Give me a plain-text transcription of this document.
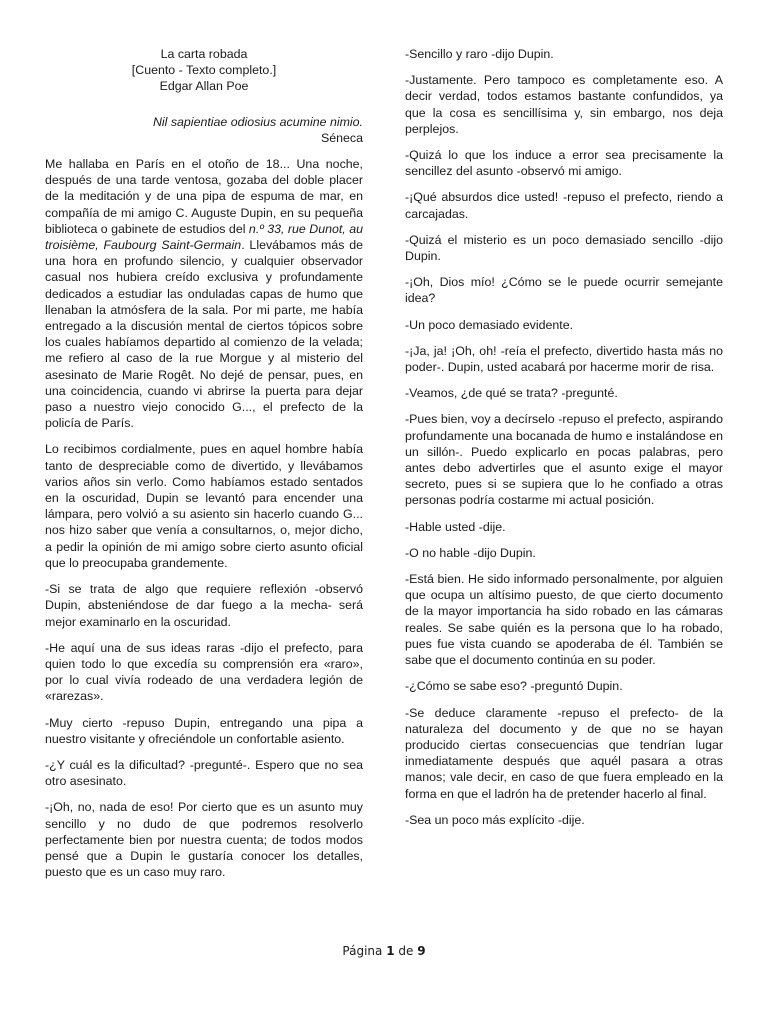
La carta robada
[Cuento - Texto completo.]
Edgar Allan Poe

Nil sapientiae odiosius acumine nimio.
Séneca

Me hallaba en París en el otoño de 18... Una noche, después de una tarde ventosa, gozaba del doble placer de la meditación y de una pipa de espuma de mar, en compañía de mi amigo C. Auguste Dupin, en su pequeña biblioteca o gabinete de estudios del n.º 33, rue Dunot, au troisième, Faubourg Saint-Germain. Llevábamos más de una hora en profundo silencio, y cualquier observador casual nos hubiera creído exclusiva y profundamente dedicados a estudiar las onduladas capas de humo que llenaban la atmósfera de la sala. Por mi parte, me había entregado a la discusión mental de ciertos tópicos sobre los cuales habíamos departido al comienzo de la velada; me refiero al caso de la rue Morgue y al misterio del asesinato de Marie Rogêt. No dejé de pensar, pues, en una coincidencia, cuando vi abrirse la puerta para dejar paso a nuestro viejo conocido G..., el prefecto de la policía de París.

Lo recibimos cordialmente, pues en aquel hombre había tanto de despreciable como de divertido, y llevábamos varios años sin verlo. Como habíamos estado sentados en la oscuridad, Dupin se levantó para encender una lámpara, pero volvió a su asiento sin hacerlo cuando G... nos hizo saber que venía a consultarnos, o, mejor dicho, a pedir la opinión de mi amigo sobre cierto asunto oficial que lo preocupaba grandemente.

-Si se trata de algo que requiere reflexión -observó Dupin, absteniéndose de dar fuego a la mecha- será mejor examinarlo en la oscuridad.

-He aquí una de sus ideas raras -dijo el prefecto, para quien todo lo que excedía su comprensión era «raro», por lo cual vivía rodeado de una verdadera legión de «rarezas».

-Muy cierto -repuso Dupin, entregando una pipa a nuestro visitante y ofreciéndole un confortable asiento.

-¿Y cuál es la dificultad? -pregunté-. Espero que no sea otro asesinato.

-¡Oh, no, nada de eso! Por cierto que es un asunto muy sencillo y no dudo de que podremos resolverlo perfectamente bien por nuestra cuenta; de todos modos pensé que a Dupin le gustaría conocer los detalles, puesto que es un caso muy raro.

-Sencillo y raro -dijo Dupin.

-Justamente. Pero tampoco es completamente eso. A decir verdad, todos estamos bastante confundidos, ya que la cosa es sencillísima y, sin embargo, nos deja perplejos.

-Quizá lo que los induce a error sea precisamente la sencillez del asunto -observó mi amigo.

-¡Qué absurdos dice usted! -repuso el prefecto, riendo a carcajadas.

-Quizá el misterio es un poco demasiado sencillo -dijo Dupin.

-¡Oh, Dios mío! ¿Cómo se le puede ocurrir semejante idea?

-Un poco demasiado evidente.

-¡Ja, ja! ¡Oh, oh! -reía el prefecto, divertido hasta más no poder-. Dupin, usted acabará por hacerme morir de risa.

-Veamos, ¿de qué se trata? -pregunté.

-Pues bien, voy a decírselo -repuso el prefecto, aspirando profundamente una bocanada de humo e instalándose en un sillón-. Puedo explicarlo en pocas palabras, pero antes debo advertirles que el asunto exige el mayor secreto, pues si se supiera que lo he confiado a otras personas podría costarme mi actual posición.

-Hable usted -dije.

-O no hable -dijo Dupin.

-Está bien. He sido informado personalmente, por alguien que ocupa un altísimo puesto, de que cierto documento de la mayor importancia ha sido robado en las cámaras reales. Se sabe quién es la persona que lo ha robado, pues fue vista cuando se apoderaba de él. También se sabe que el documento continúa en su poder.

-¿Cómo se sabe eso? -preguntó Dupin.

-Se deduce claramente -repuso el prefecto- de la naturaleza del documento y de que no se hayan producido ciertas consecuencias que tendrían lugar inmediatamente después que aquél pasara a otras manos; vale decir, en caso de que fuera empleado en la forma en que el ladrón ha de pretender hacerlo al final.

-Sea un poco más explícito -dije.

Página 1 de 9
